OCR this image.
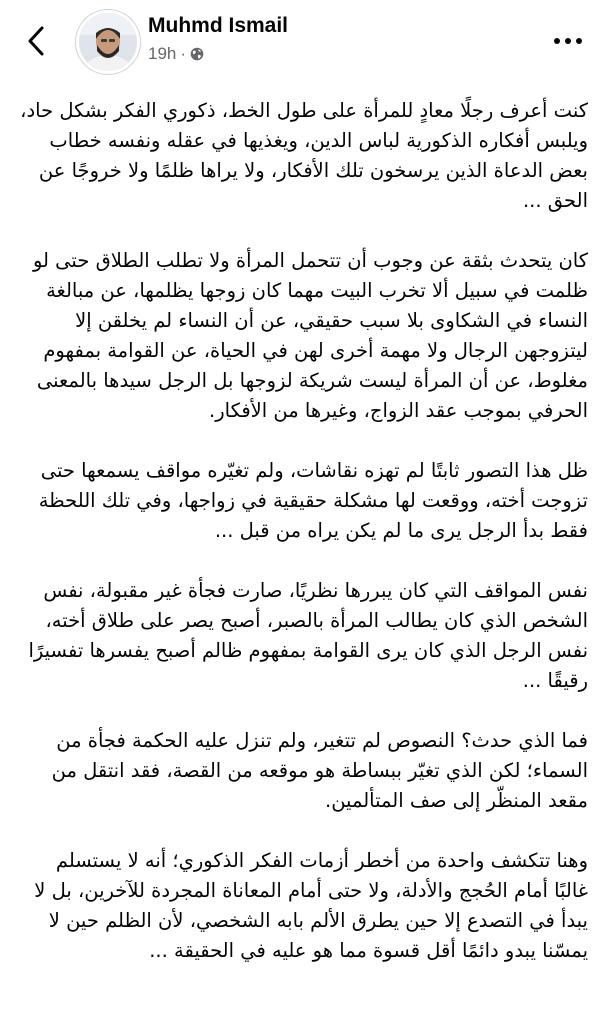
Muhmd Ismail
19h ·

كنت أعرف رجلًا معادٍ للمرأة على طول الخط، ذكوري الفكر بشكل حاد، ويلبس أفكاره الذكورية لباس الدين، ويغذيها في عقله ونفسه خطاب بعض الدعاة الذين يرسخون تلك الأفكار، ولا يراها ظلمًا ولا خروجًا عن الحق ...

كان يتحدث بثقة عن وجوب أن تتحمل المرأة ولا تطلب الطلاق حتى لو ظلمت في سبيل ألا تخرب البيت مهما كان زوجها يظلمها، عن مبالغة النساء في الشكاوى بلا سبب حقيقي، عن أن النساء لم يخلقن إلا ليتزوجهن الرجال ولا مهمة أخرى لهن في الحياة، عن القوامة بمفهوم مغلوط، عن أن المرأة ليست شريكة لزوجها بل الرجل سيدها بالمعنى الحرفي بموجب عقد الزواج، وغيرها من الأفكار.

ظل هذا التصور ثابتًا لم تهزه نقاشات، ولم تغيّره مواقف يسمعها حتى تزوجت أخته، ووقعت لها مشكلة حقيقية في زواجها، وفي تلك اللحظة فقط بدأ الرجل يرى ما لم يكن يراه من قبل ...

نفس المواقف التي كان يبررها نظريًا، صارت فجأة غير مقبولة، نفس الشخص الذي كان يطالب المرأة بالصبر، أصبح يصر على طلاق أخته، نفس الرجل الذي كان يرى القوامة بمفهوم ظالم أصبح يفسرها تفسيرًا رقيقًا ...

فما الذي حدث؟ النصوص لم تتغير، ولم تنزل عليه الحكمة فجأة من السماء؛ لكن الذي تغيّر ببساطة هو موقعه من القصة، فقد انتقل من مقعد المنظّر إلى صف المتألمين.

وهنا تتكشف واحدة من أخطر أزمات الفكر الذكوري؛ أنه لا يستسلم غالبًا أمام الحُجج والأدلة، ولا حتى أمام المعاناة المجردة للآخرين، بل لا يبدأ في التصدع إلا حين يطرق الألم بابه الشخصي، لأن الظلم حين لا يمسّنا يبدو دائمًا أقل قسوة مما هو عليه في الحقيقة ...
